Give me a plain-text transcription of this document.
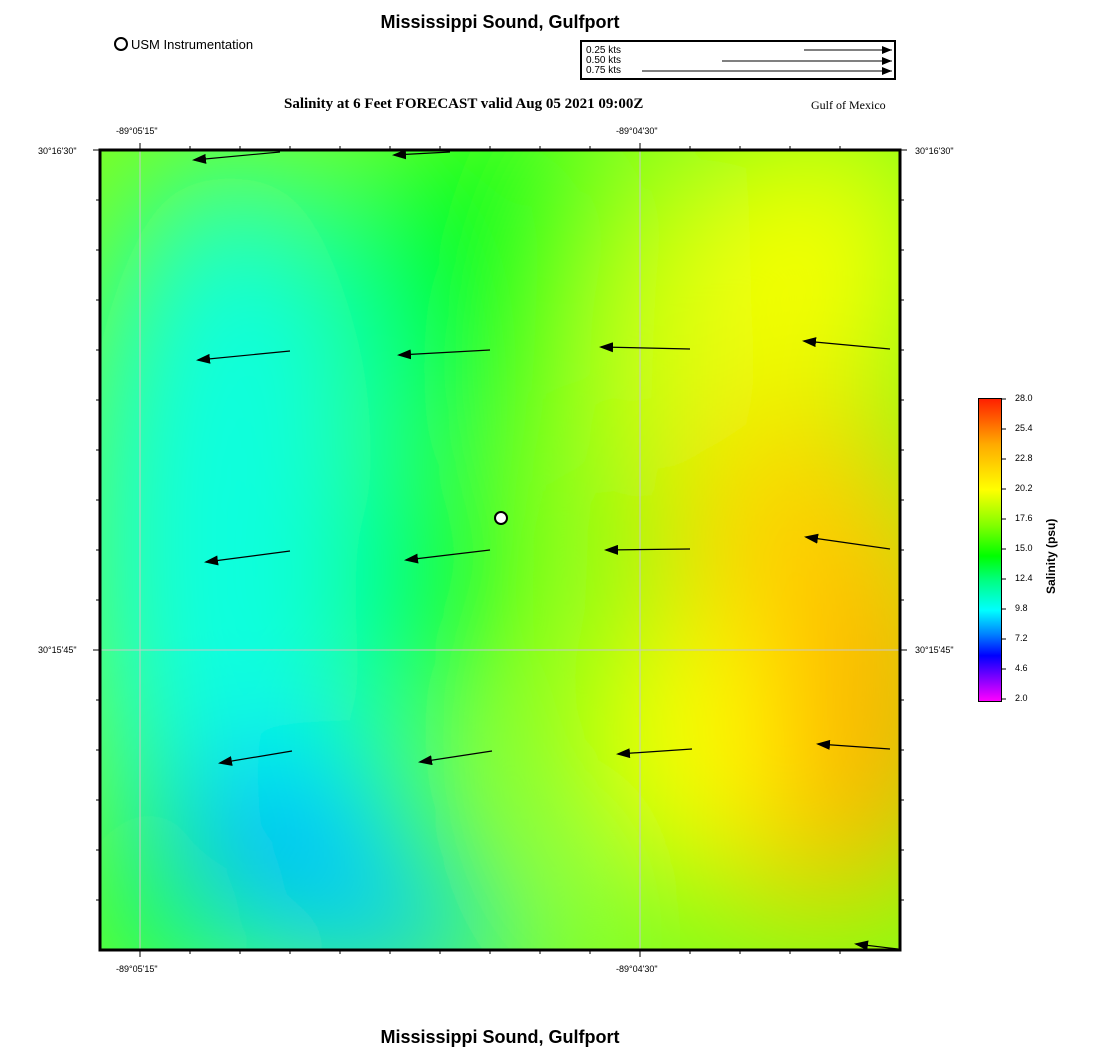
Mississippi Sound, Gulfport
USM Instrumentation	0.25 kts
0.50 kts
0.75 kts
Salinity at 6 Feet FORECAST valid Aug 05 2021 09:00Z	Gulf of Mexico
-89°05'15"	-89°04'30"
-89°05'15"	-89°04'30"
30°16'30"
30°15'45"
30°16'30"
30°15'45"
28.0
25.4
22.8
20.2
17.6
15.0
12.4
9.8
7.2
4.6
2.0
Salinity (psu)
Mississippi Sound, Gulfport
